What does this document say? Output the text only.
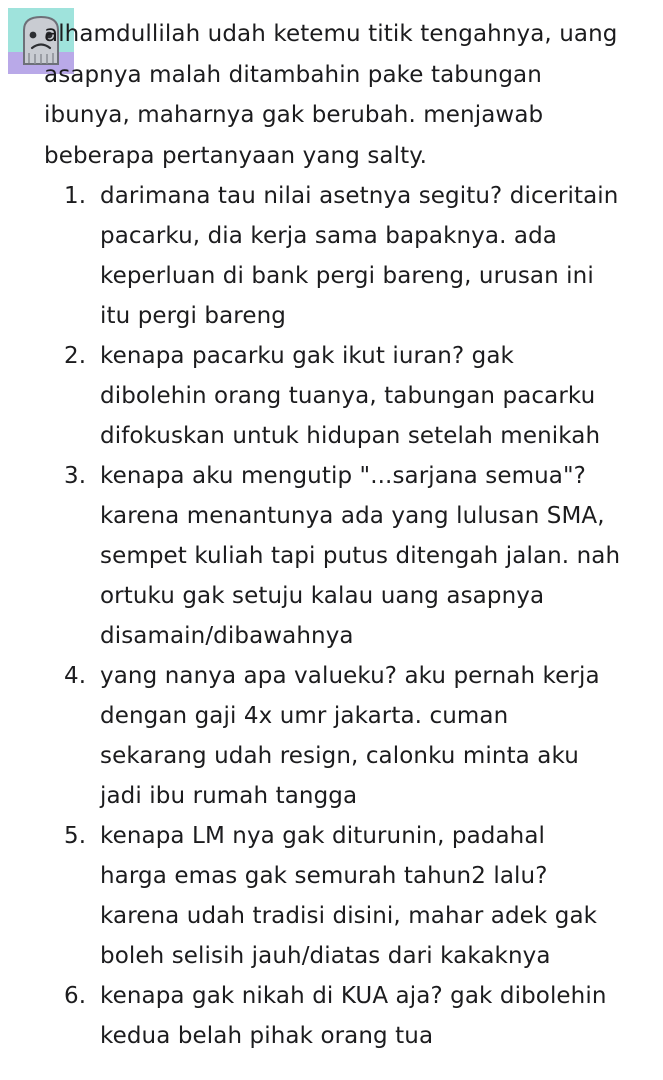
alhamdullilah udah ketemu titik tengahnya, uang
asapnya malah ditambahin pake tabungan
ibunya, maharnya gak berubah. menjawab
beberapa pertanyaan yang salty.

1. darimana tau nilai asetnya segitu? diceritain
pacarku, dia kerja sama bapaknya. ada
keperluan di bank pergi bareng, urusan ini
itu pergi bareng
2. kenapa pacarku gak ikut iuran? gak
dibolehin orang tuanya, tabungan pacarku
difokuskan untuk hidupan setelah menikah
3. kenapa aku mengutip "...sarjana semua"?
karena menantunya ada yang lulusan SMA,
sempet kuliah tapi putus ditengah jalan. nah
ortuku gak setuju kalau uang asapnya
disamain/dibawahnya
4. yang nanya apa valueku? aku pernah kerja
dengan gaji 4x umr jakarta. cuman
sekarang udah resign, calonku minta aku
jadi ibu rumah tangga
5. kenapa LM nya gak diturunin, padahal
harga emas gak semurah tahun2 lalu?
karena udah tradisi disini, mahar adek gak
boleh selisih jauh/diatas dari kakaknya
6. kenapa gak nikah di KUA aja? gak dibolehin
kedua belah pihak orang tua
